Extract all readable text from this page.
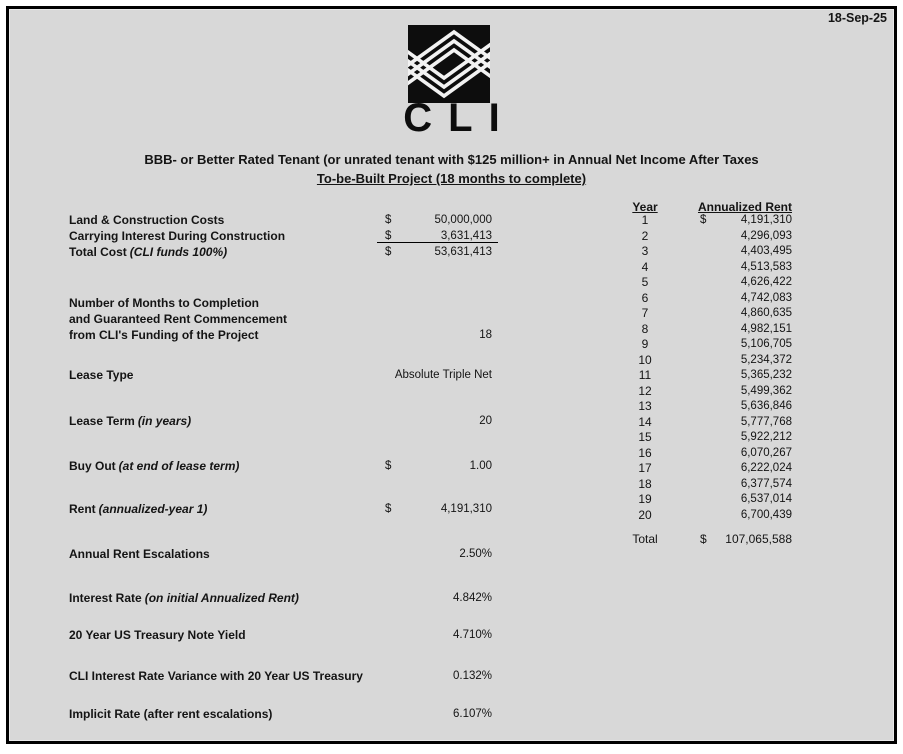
18-Sep-25
CLI
BBB- or Better Rated Tenant (or unrated tenant with $125 million+ in Annual Net Income After Taxes
To-be-Built Project (18 months to complete)
Land & Construction Costs	$	50,000,000
Carrying Interest During Construction	$	3,631,413
Total Cost (CLI funds 100%)	$	53,631,413
Number of Months to Completion
and Guaranteed Rent Commencement
from CLI's Funding of the Project	18
Lease Type	Absolute Triple Net
Lease Term (in years)	20
Buy Out (at end of lease term)	$	1.00
Rent (annualized-year 1)	$	4,191,310
Annual Rent Escalations	2.50%
Interest Rate (on initial Annualized Rent)	4.842%
20 Year US Treasury Note Yield	4.710%
CLI Interest Rate Variance with 20 Year US Treasury	0.132%
Implicit Rate (after rent escalations)	6.107%
Year	Annualized Rent
1	$	4,191,310
2	4,296,093
3	4,403,495
4	4,513,583
5	4,626,422
6	4,742,083
7	4,860,635
8	4,982,151
9	5,106,705
10	5,234,372
11	5,365,232
12	5,499,362
13	5,636,846
14	5,777,768
15	5,922,212
16	6,070,267
17	6,222,024
18	6,377,574
19	6,537,014
20	6,700,439
Total	$ 107,065,588
